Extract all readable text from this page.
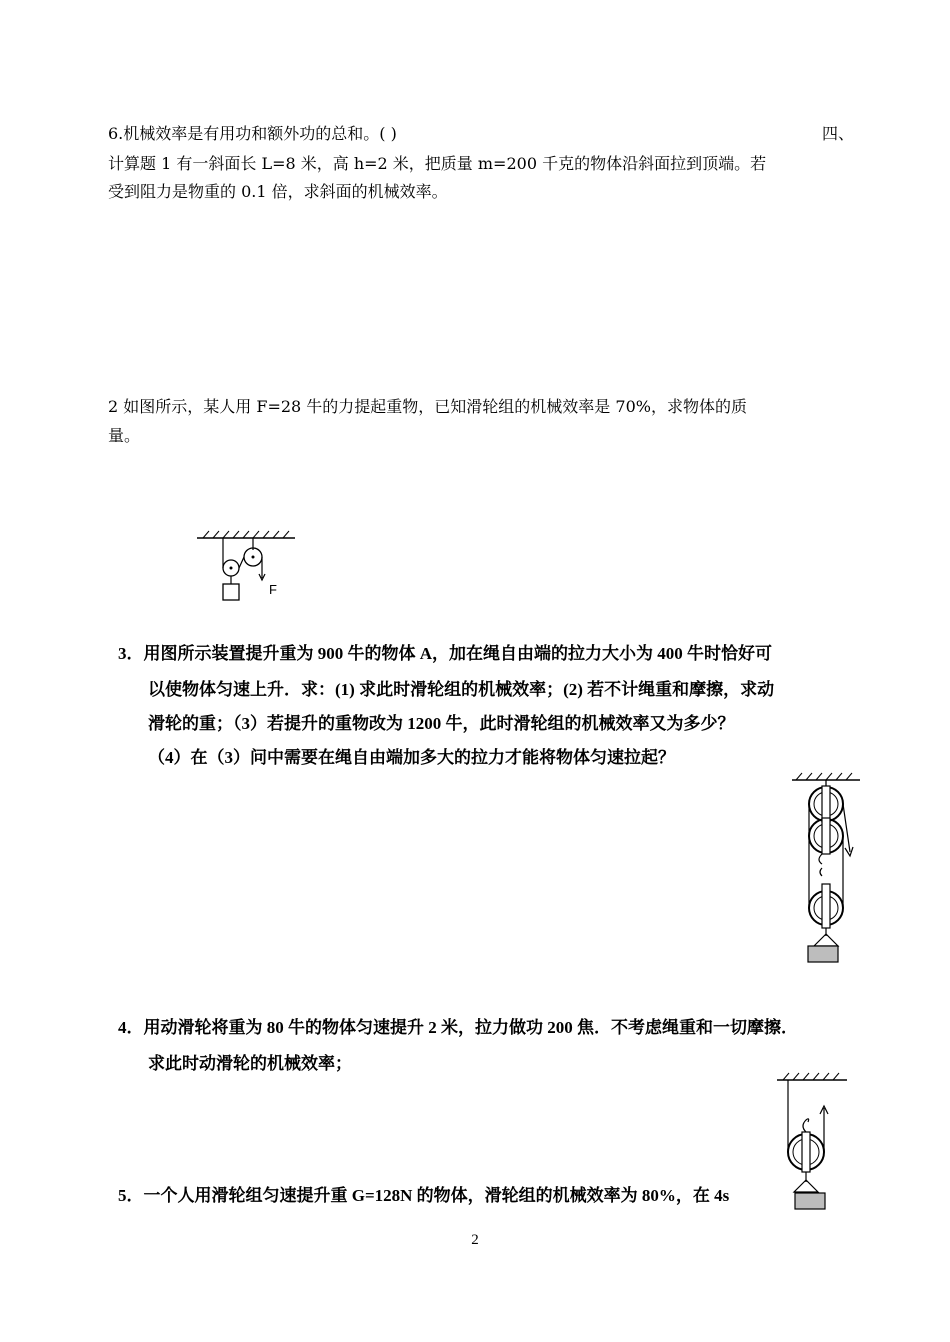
6.机械效率是有用功和额外功的总和。( )	四、
计算题 1 有一斜面长 L=8 米，高 h=2 米，把质量 m=200 千克的物体沿斜面拉到顶端。若
受到阻力是物重的 0.1 倍，求斜面的机械效率。
2 如图所示，某人用 F=28 牛的力提起重物，已知滑轮组的机械效率是 70%，求物体的质
量。
F
3．用图所示装置提升重为 900 牛的物体 A，加在绳自由端的拉力大小为 400 牛时恰好可
以使物体匀速上升．求：(1) 求此时滑轮组的机械效率；(2) 若不计绳重和摩擦，求动
滑轮的重；（3）若提升的重物改为 1200 牛，此时滑轮组的机械效率又为多少？
（4）在（3）问中需要在绳自由端加多大的拉力才能将物体匀速拉起？
4．用动滑轮将重为 80 牛的物体匀速提升 2 米，拉力做功 200 焦．不考虑绳重和一切摩擦．
求此时动滑轮的机械效率；
5．一个人用滑轮组匀速提升重 G=128N 的物体，滑轮组的机械效率为 80%，在 4s
2
